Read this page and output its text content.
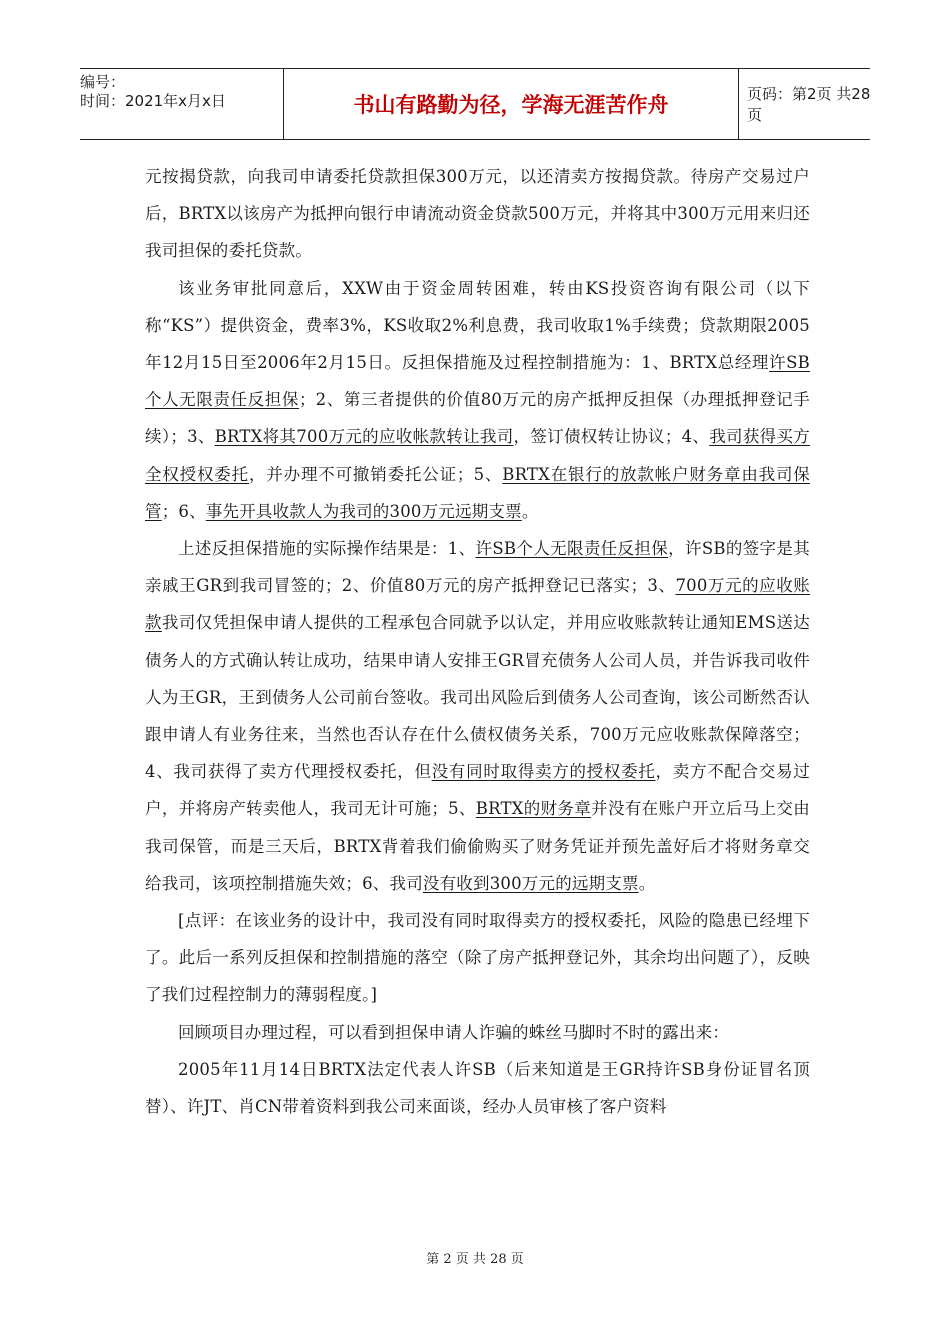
编号：
时间：2021年x月x日	书山有路勤为径，学海无涯苦作舟	页码：第2页 共28页

元按揭贷款，向我司申请委托贷款担保300万元，以还清卖方按揭贷款。待房产交易过户后，BRTX以该房产为抵押向银行申请流动资金贷款500万元，并将其中300万元用来归还我司担保的委托贷款。

该业务审批同意后，XXW由于资金周转困难，转由KS投资咨询有限公司（以下称“KS”）提供资金，费率3%，KS收取2%利息费，我司收取1%手续费；贷款期限2005年12月15日至2006年2月15日。反担保措施及过程控制措施为：1、BRTX总经理许SB个人无限责任反担保；2、第三者提供的价值80万元的房产抵押反担保（办理抵押登记手续）；3、BRTX将其700万元的应收帐款转让我司，签订债权转让协议；4、我司获得买方全权授权委托，并办理不可撤销委托公证；5、BRTX在银行的放款帐户财务章由我司保管；6、事先开具收款人为我司的300万元远期支票。

上述反担保措施的实际操作结果是：1、许SB个人无限责任反担保，许SB的签字是其亲戚王GR到我司冒签的；2、价值80万元的房产抵押登记已落实；3、700万元的应收账款我司仅凭担保申请人提供的工程承包合同就予以认定，并用应收账款转让通知EMS送达债务人的方式确认转让成功，结果申请人安排王GR冒充债务人公司人员，并告诉我司收件人为王GR，王到债务人公司前台签收。我司出风险后到债务人公司查询，该公司断然否认跟申请人有业务往来，当然也否认存在什么债权债务关系，700万元应收账款保障落空；4、我司获得了卖方代理授权委托，但没有同时取得卖方的授权委托，卖方不配合交易过户，并将房产转卖他人，我司无计可施；5、BRTX的财务章并没有在账户开立后马上交由我司保管，而是三天后，BRTX背着我们偷偷购买了财务凭证并预先盖好后才将财务章交给我司，该项控制措施失效；6、我司没有收到300万元的远期支票。

[点评：在该业务的设计中，我司没有同时取得卖方的授权委托，风险的隐患已经埋下了。此后一系列反担保和控制措施的落空（除了房产抵押登记外，其余均出问题了），反映了我们过程控制力的薄弱程度。]

回顾项目办理过程，可以看到担保申请人诈骗的蛛丝马脚时不时的露出来：

2005年11月14日BRTX法定代表人许SB（后来知道是王GR持许SB身份证冒名顶替）、许JT、肖CN带着资料到我公司来面谈，经办人员审核了客户资料

第 2 页 共 28 页
